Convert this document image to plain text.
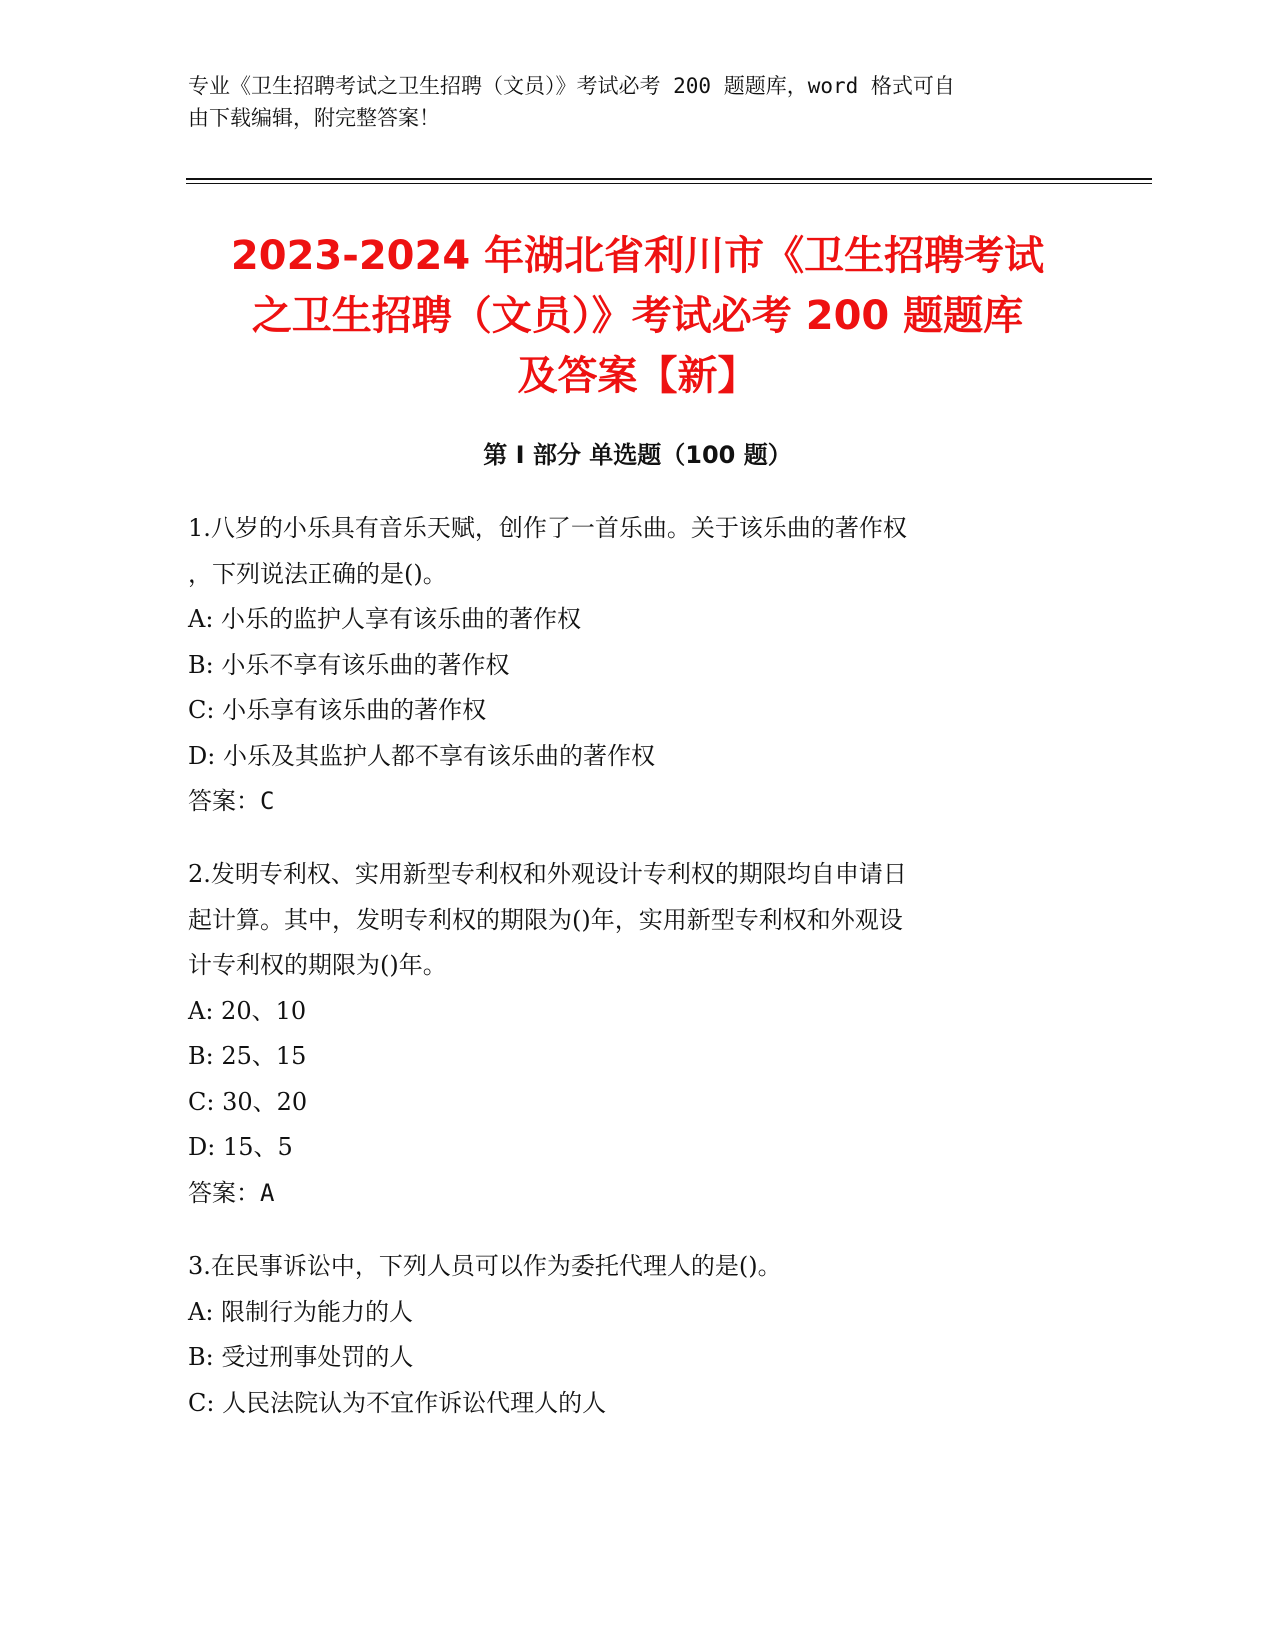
专业《卫生招聘考试之卫生招聘（文员）》考试必考 200 题题库，word 格式可自
由下载编辑，附完整答案！
2023-2024 年湖北省利川市《卫生招聘考试
之卫生招聘（文员）》考试必考 200 题题库
及答案【新】
第 I 部分 单选题（100 题）
1.八岁的小乐具有音乐天赋，创作了一首乐曲。关于该乐曲的著作权
，下列说法正确的是()。
A: 小乐的监护人享有该乐曲的著作权
B: 小乐不享有该乐曲的著作权
C: 小乐享有该乐曲的著作权
D: 小乐及其监护人都不享有该乐曲的著作权
答案：C
2.发明专利权、实用新型专利权和外观设计专利权的期限均自申请日
起计算。其中，发明专利权的期限为()年，实用新型专利权和外观设
计专利权的期限为()年。
A: 20、10
B: 25、15
C: 30、20
D: 15、5
答案：A
3.在民事诉讼中，下列人员可以作为委托代理人的是()。
A: 限制行为能力的人
B: 受过刑事处罚的人
C: 人民法院认为不宜作诉讼代理人的人
